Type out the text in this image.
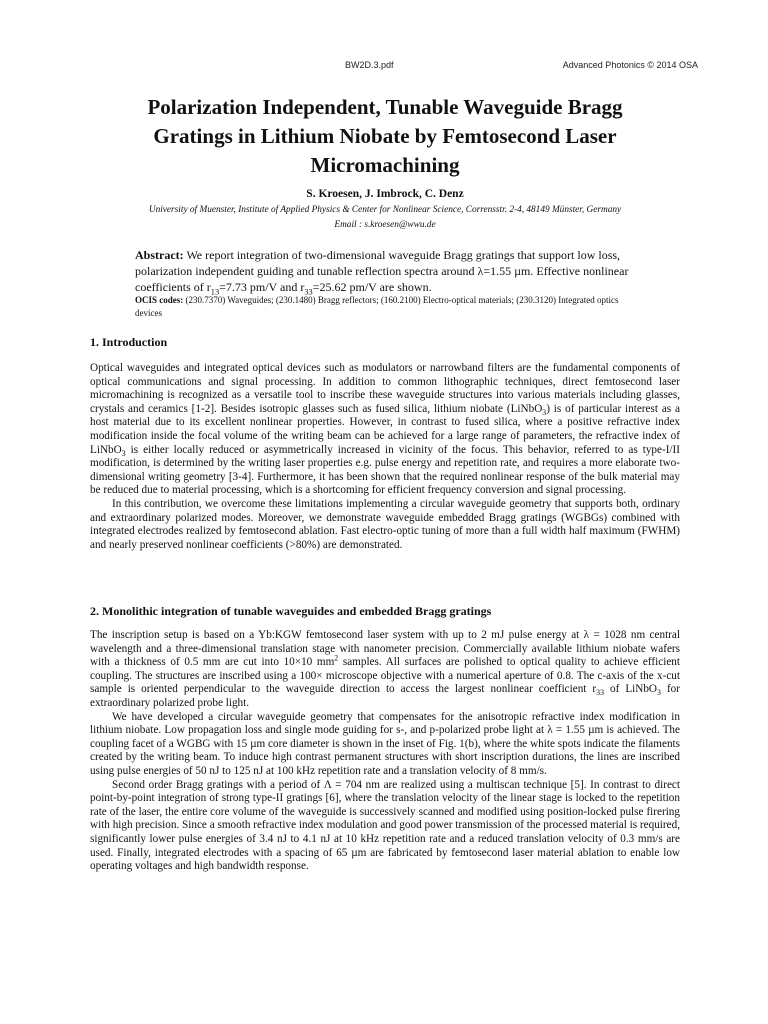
BW2D.3.pdf	Advanced Photonics © 2014 OSA
Polarization Independent, Tunable Waveguide Bragg
Gratings in Lithium Niobate by Femtosecond Laser
Micromachining
S. Kroesen, J. Imbrock, C. Denz
University of Muenster, Institute of Applied Physics & Center for Nonlinear Science, Corrensstr. 2-4, 48149 Münster, Germany
Email : s.kroesen@wwu.de

Abstract: We report integration of two-dimensional waveguide Bragg gratings that support low loss, polarization independent guiding and tunable reflection spectra around λ=1.55 µm. Effective nonlinear coefficients of $r_{13}=7.73$ pm/V and $r_{33}=25.62$ pm/V are shown.

OCIS codes: (230.7370) Waveguides; (230.1480) Bragg reflectors; (160.2100) Electro-optical materials; (230.3120) Integrated optics devices

1. Introduction

Optical waveguides and integrated optical devices such as modulators or narrowband filters are the fundamental components of optical communications and signal processing. In addition to common lithographic techniques, direct femtosecond laser micromachining is recognized as a versatile tool to inscribe these waveguide structures into various materials including glasses, crystals and ceramics [1-2]. Besides isotropic glasses such as fused silica, lithium niobate (LiNbO$_3$) is of particular interest as a host material due to its excellent nonlinear properties. However, in contrast to fused silica, where a positive refractive index modification inside the focal volume of the writing beam can be achieved for a large range of parameters, the refractive index of LiNbO$_3$ is either locally reduced or asymmetrically increased in vicinity of the focus. This behavior, referred to as type-I/II modification, is determined by the writing laser properties e.g. pulse energy and repetition rate, and requires a more elaborate two-dimensional writing geometry [3-4]. Furthermore, it has been shown that the required nonlinear response of the bulk material may be reduced due to material processing, which is a shortcoming for efficient frequency conversion and signal processing.

In this contribution, we overcome these limitations implementing a circular waveguide geometry that supports both, ordinary and extraordinary polarized modes. Moreover, we demonstrate waveguide embedded Bragg gratings (WGBGs) combined with integrated electrodes realized by femtosecond ablation. Fast electro-optic tuning of more than a full width half maximum (FWHM) and nearly preserved nonlinear coefficients (>80%) are demonstrated.

2. Monolithic integration of tunable waveguides and embedded Bragg gratings

The inscription setup is based on a Yb:KGW femtosecond laser system with up to 2 mJ pulse energy at λ = 1028 nm central wavelength and a three-dimensional translation stage with nanometer precision. Commercially available lithium niobate wafers with a thickness of 0.5 mm are cut into 10×10 $mm^2$ samples. All surfaces are polished to optical quality to achieve efficient coupling. The structures are inscribed using a 100× microscope objective with a numerical aperture of 0.8. The c-axis of the x-cut sample is oriented perpendicular to the waveguide direction to access the largest nonlinear coefficient $r_{33}$ of LiNbO$_3$ for extraordinary polarized probe light.

We have developed a circular waveguide geometry that compensates for the anisotropic refractive index modification in lithium niobate. Low propagation loss and single mode guiding for s-, and p-polarized probe light at λ = 1.55 µm is achieved. The coupling facet of a WGBG with 15 µm core diameter is shown in the inset of Fig. 1(b), where the white spots indicate the filaments created by the writing beam. To induce high contrast permanent structures with short inscription durations, the lines are inscribed using pulse energies of 50 nJ to 125 nJ at 100 kHz repetition rate and a translation velocity of 8 mm/s.

Second order Bragg gratings with a period of Λ = 704 nm are realized using a multiscan technique [5]. In contrast to direct point-by-point integration of strong type-II gratings [6], where the translation velocity of the linear stage is locked to the repetition rate of the laser, the entire core volume of the waveguide is successively scanned and modified using position-locked pulse firering with high precision. Since a smooth refractive index modulation and good power transmission of the processed material is required, significantly lower pulse energies of 3.4 nJ to 4.1 nJ at 10 kHz repetition rate and a reduced translation velocity of 0.3 mm/s are used. Finally, integrated electrodes with a spacing of 65 µm are fabricated by femtosecond laser material ablation to enable low operating voltages and high bandwidth response.
